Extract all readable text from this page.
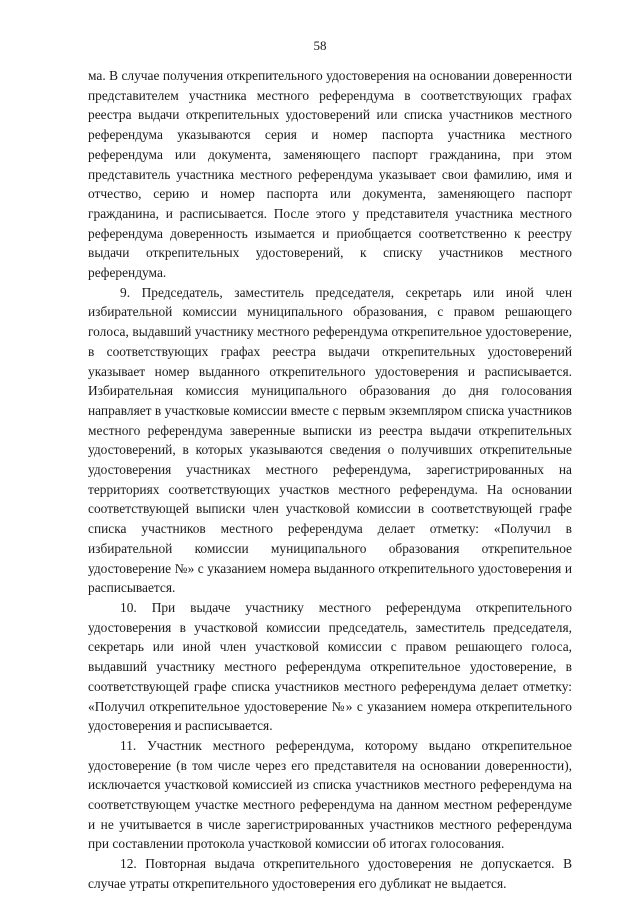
58

ма. В случае получения открепительного удостоверения на основании доверенности представителем участника местного референдума в соответствующих графах реестра выдачи открепительных удостоверений или списка участников местного референдума указываются серия и номер паспорта участника местного референдума или документа, заменяющего паспорт гражданина, при этом представитель участника местного референдума указывает свои фамилию, имя и отчество, серию и номер паспорта или документа, заменяющего паспорт гражданина, и расписывается. После этого у представителя участника местного референдума доверенность изымается и приобщается соответственно к реестру выдачи открепительных удостоверений, к списку участников местного референдума.

9. Председатель, заместитель председателя, секретарь или иной член избирательной комиссии муниципального образования, с правом решающего голоса, выдавший участнику местного референдума открепительное удостоверение, в соответствующих графах реестра выдачи открепительных удостоверений указывает номер выданного открепительного удостоверения и расписывается. Избирательная комиссия муниципального образования до дня голосования направляет в участковые комиссии вместе с первым экземпляром списка участников местного референдума заверенные выписки из реестра выдачи открепительных удостоверений, в которых указываются сведения о получивших открепительные удостоверения участниках местного референдума, зарегистрированных на территориях соответствующих участков местного референдума. На основании соответствующей выписки член участковой комиссии в соответствующей графе списка участников местного референдума делает отметку: «Получил в избирательной комиссии муниципального образования открепительное удостоверение №» с указанием номера выданного открепительного удостоверения и расписывается.

10. При выдаче участнику местного референдума открепительного удостоверения в участковой комиссии председатель, заместитель председателя, секретарь или иной член участковой комиссии с правом решающего голоса, выдавший участнику местного референдума открепительное удостоверение, в соответствующей графе списка участников местного референдума делает отметку: «Получил открепительное удостоверение №» с указанием номера открепительного удостоверения и расписывается.

11. Участник местного референдума, которому выдано открепительное удостоверение (в том числе через его представителя на основании доверенности), исключается участковой комиссией из списка участников местного референдума на соответствующем участке местного референдума на данном местном референдуме и не учитывается в числе зарегистрированных участников местного референдума при составлении протокола участковой комиссии об итогах голосования.

12. Повторная выдача открепительного удостоверения не допускается. В случае утраты открепительного удостоверения его дубликат не выдается.
